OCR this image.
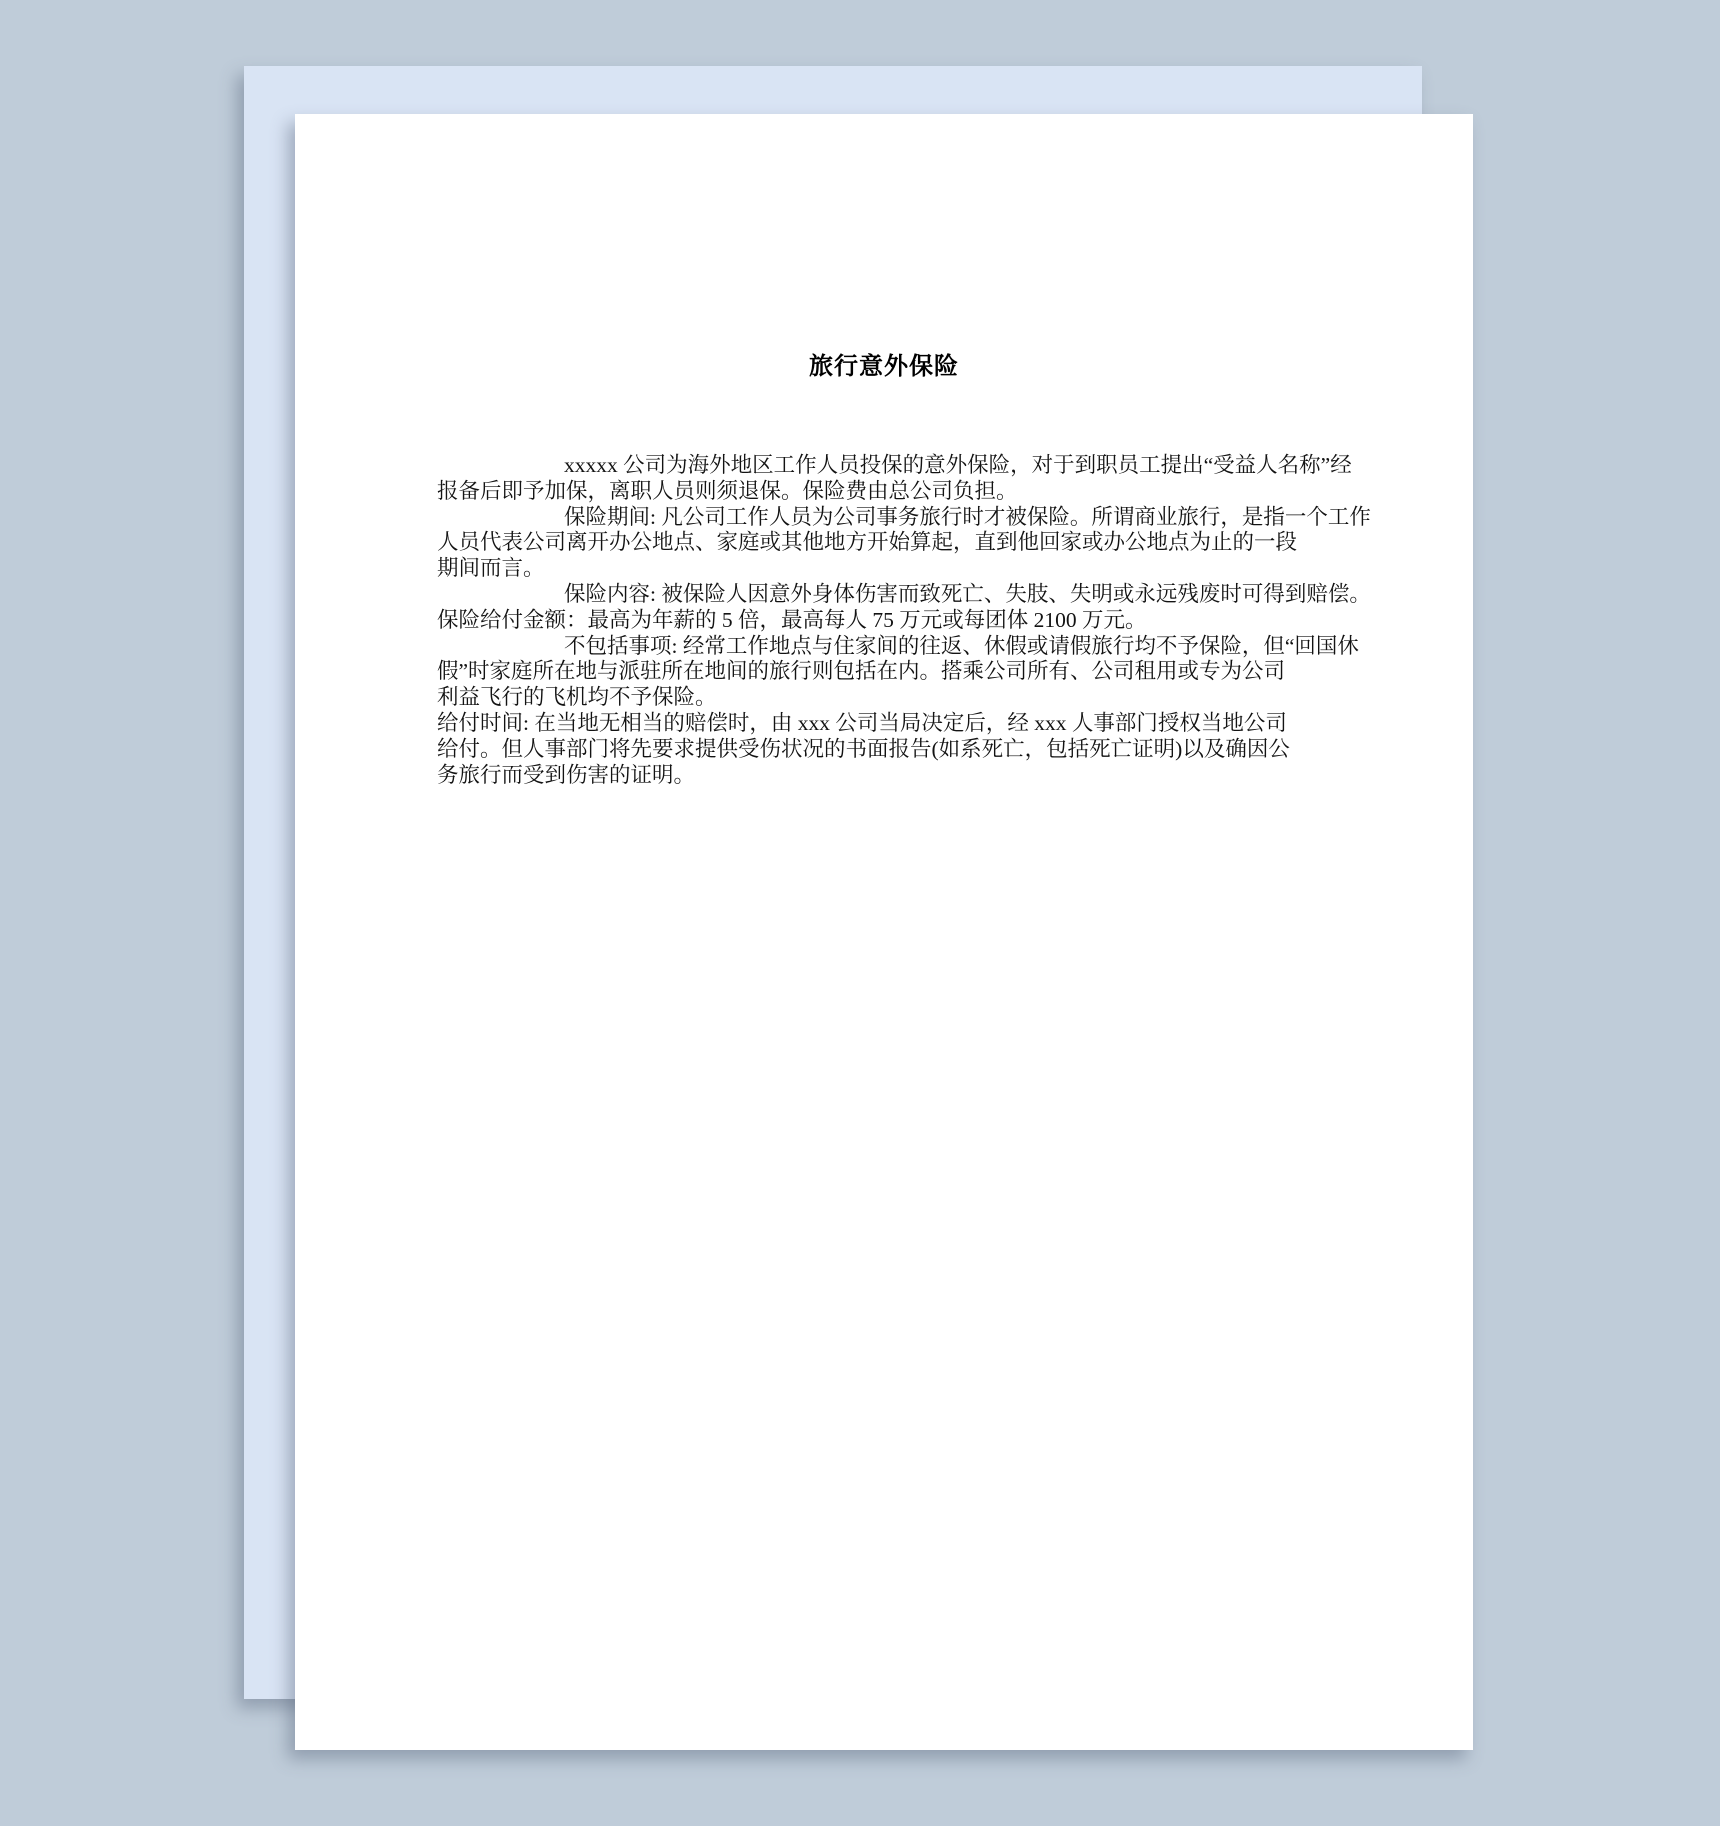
旅行意外保险
xxxxx 公司为海外地区工作人员投保的意外保险，对于到职员工提出“受益人名称”经
报备后即予加保，离职人员则须退保。保险费由总公司负担。
保险期间: 凡公司工作人员为公司事务旅行时才被保险。所谓商业旅行，是指一个工作
人员代表公司离开办公地点、家庭或其他地方开始算起，直到他回家或办公地点为止的一段
期间而言。
保险内容: 被保险人因意外身体伤害而致死亡、失肢、失明或永远残废时可得到赔偿。
保险给付金额：最高为年薪的 5 倍，最高每人 75 万元或每团体 2100 万元。
不包括事项: 经常工作地点与住家间的往返、休假或请假旅行均不予保险，但“回国休
假”时家庭所在地与派驻所在地间的旅行则包括在内。搭乘公司所有、公司租用或专为公司
利益飞行的飞机均不予保险。
给付时间: 在当地无相当的赔偿时，由 xxx 公司当局决定后，经 xxx 人事部门授权当地公司
给付。但人事部门将先要求提供受伤状况的书面报告(如系死亡，包括死亡证明)以及确因公
务旅行而受到伤害的证明。
